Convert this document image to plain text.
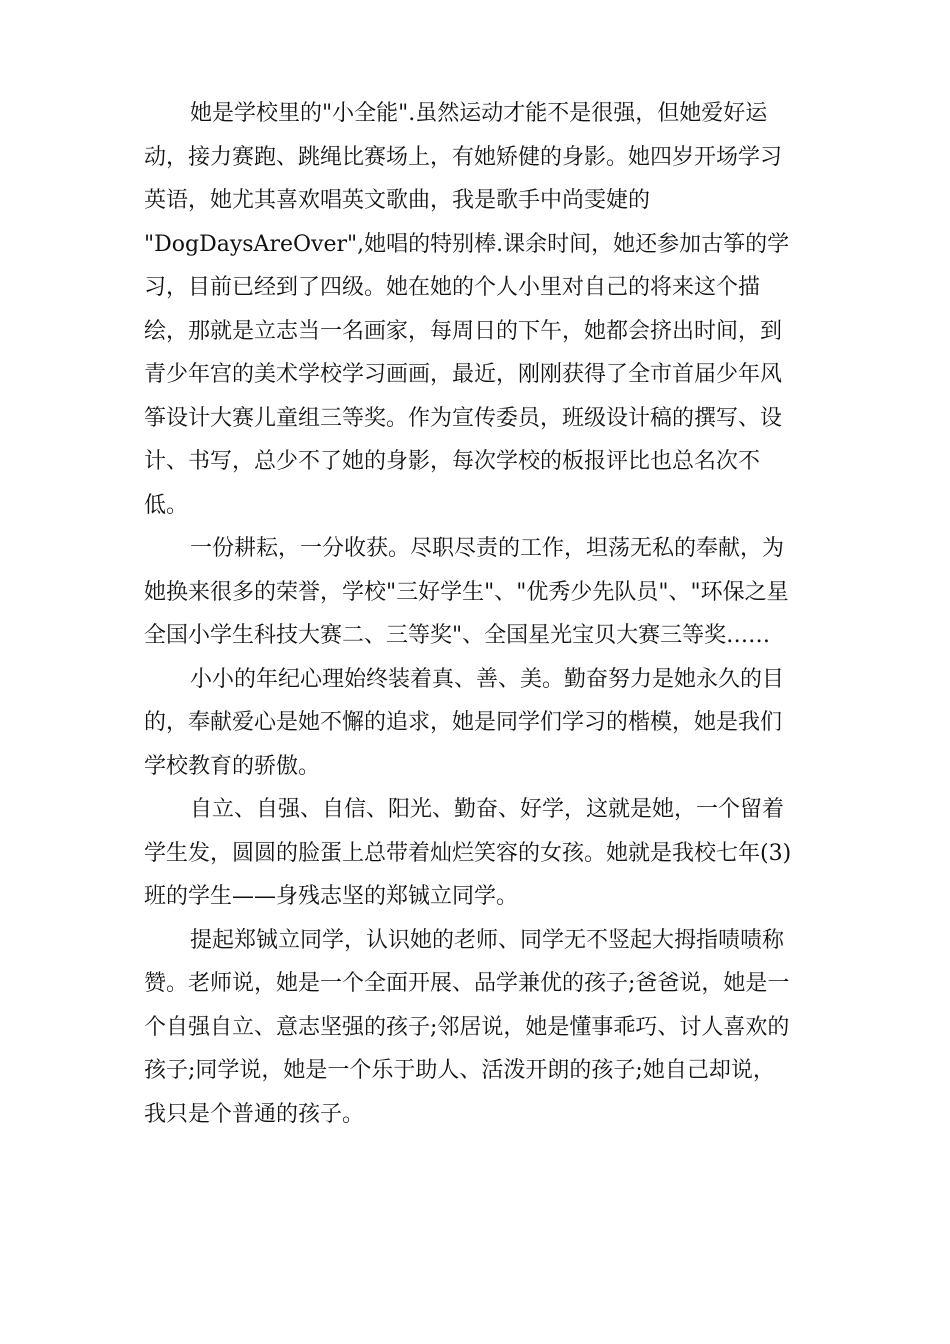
她是学校里的"小全能".虽然运动才能不是很强，但她爱好运
动，接力赛跑、跳绳比赛场上，有她矫健的身影。她四岁开场学习
英语，她尤其喜欢唱英文歌曲，我是歌手中尚雯婕的
"DogDaysAreOver",她唱的特别棒.课余时间，她还参加古筝的学
习，目前已经到了四级。她在她的个人小里对自己的将来这个描
绘，那就是立志当一名画家，每周日的下午，她都会挤出时间，到
青少年宫的美术学校学习画画，最近，刚刚获得了全市首届少年风
筝设计大赛儿童组三等奖。作为宣传委员，班级设计稿的撰写、设
计、书写，总少不了她的身影，每次学校的板报评比也总名次不
低。

一份耕耘，一分收获。尽职尽责的工作，坦荡无私的奉献，为
她换来很多的荣誉，学校"三好学生"、"优秀少先队员"、"环保之星
全国小学生科技大赛二、三等奖"、全国星光宝贝大赛三等奖……

小小的年纪心理始终装着真、善、美。勤奋努力是她永久的目
的，奉献爱心是她不懈的追求，她是同学们学习的楷模，她是我们
学校教育的骄傲。

自立、自强、自信、阳光、勤奋、好学，这就是她，一个留着
学生发，圆圆的脸蛋上总带着灿烂笑容的女孩。她就是我校七年(3)
班的学生——身残志坚的郑铖立同学。

提起郑铖立同学，认识她的老师、同学无不竖起大拇指啧啧称
赞。老师说，她是一个全面开展、品学兼优的孩子;爸爸说，她是一
个自强自立、意志坚强的孩子;邻居说，她是懂事乖巧、讨人喜欢的
孩子;同学说，她是一个乐于助人、活泼开朗的孩子;她自己却说，
我只是个普通的孩子。
